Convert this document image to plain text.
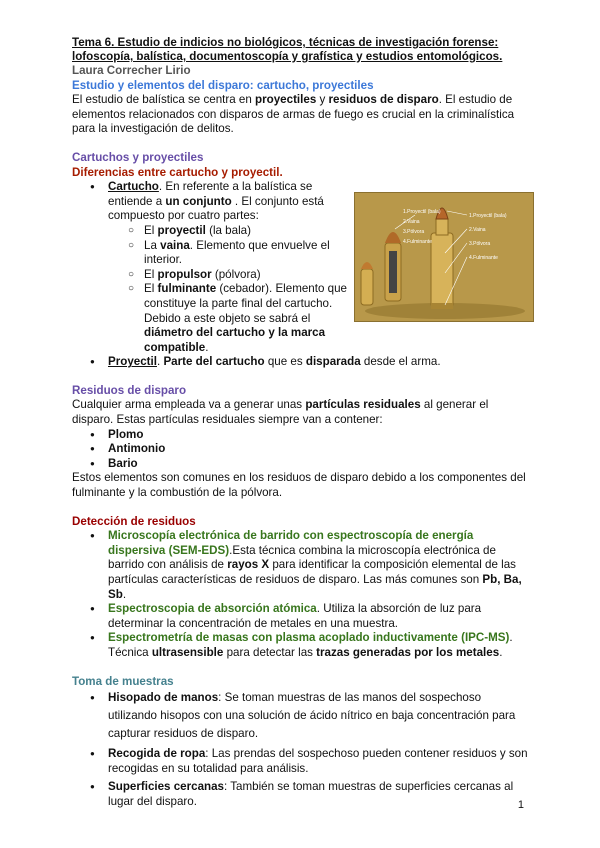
Tema 6. Estudio de indicios no biológicos, técnicas de investigación forense:
lofoscopía, balística, documentoscopía y grafística y estudios entomológicos.
Laura Correcher Lirio
Estudio y elementos del disparo: cartucho, proyectiles

El estudio de balística se centra en proyectiles y residuos de disparo. El estudio de elementos relacionados con disparos de armas de fuego es crucial en la criminalística para la investigación de delitos.

Cartuchos y proyectiles
Diferencias entre cartucho y proyectil.
1.Proyectil (bala)
2.Vaina
3.Pólvora
4.Fulminante
1.Proyectil (bala)
2.Vaina
3.Pólvora
4.Fulminante
● Cartucho. En referente a la balística se entiende a un conjunto . El conjunto está compuesto por cuatro partes:
○ El proyectil (la bala)
○ La vaina. Elemento que envuelve el interior.
○ El propulsor (pólvora)
○ El fulminante (cebador). Elemento que constituye la parte final del cartucho. Debido a este objeto se sabrá el diámetro del cartucho y la marca compatible.
● Proyectil. Parte del cartucho que es disparada desde el arma.
Residuos de disparo

Cualquier arma empleada va a generar unas partículas residuales al generar el disparo. Estas partículas residuales siempre van a contener:

● Plomo
● Antimonio
● Bario

Estos elementos son comunes en los residuos de disparo debido a los componentes del fulminante y la combustión de la pólvora.

Detección de residuos
● Microscopía electrónica de barrido con espectroscopía de energía dispersiva (SEM-EDS).Esta técnica combina la microscopía electrónica de barrido con análisis de rayos X para identificar la composición elemental de las partículas características de residuos de disparo. Las más comunes son Pb, Ba, Sb.
● Espectroscopia de absorción atómica. Utiliza la absorción de luz para determinar la concentración de metales en una muestra.
● Espectrometría de masas con plasma acoplado inductivamente (IPC-MS). Técnica ultrasensible para detectar las trazas generadas por los metales.
Toma de muestras
● Hisopado de manos: Se toman muestras de las manos del sospechoso utilizando hisopos con una solución de ácido nítrico en baja concentración para capturar residuos de disparo.
● Recogida de ropa: Las prendas del sospechoso pueden contener residuos y son recogidas en su totalidad para análisis.
● Superficies cercanas: También se toman muestras de superficies cercanas al lugar del disparo.	1
